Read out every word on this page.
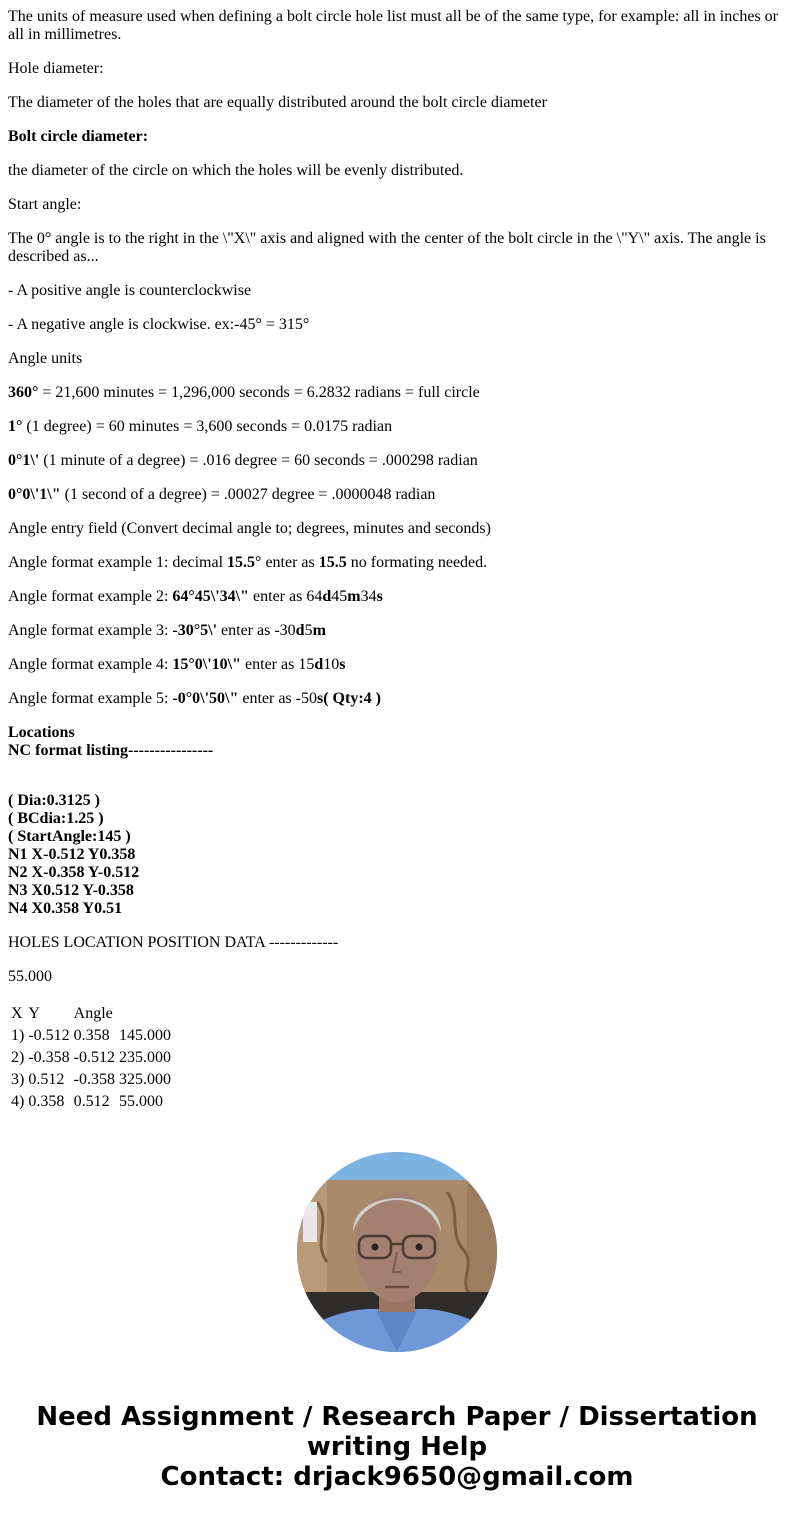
The units of measure used when defining a bolt circle hole list must all be of the same type, for example: all in inches or all in millimetres.

Hole diameter:

The diameter of the holes that are equally distributed around the bolt circle diameter

Bolt circle diameter:

the diameter of the circle on which the holes will be evenly distributed.

Start angle:

The 0° angle is to the right in the \"X\" axis and aligned with the center of the bolt circle in the \"Y\" axis. The angle is described as...

- A positive angle is counterclockwise

- A negative angle is clockwise. ex:-45° = 315°

Angle units

360° = 21,600 minutes = 1,296,000 seconds = 6.2832 radians = full circle

1° (1 degree) = 60 minutes = 3,600 seconds = 0.0175 radian

0°1\' (1 minute of a degree) = .016 degree = 60 seconds = .000298 radian

0°0\'1\" (1 second of a degree) = .00027 degree = .0000048 radian

Angle entry field (Convert decimal angle to; degrees, minutes and seconds)

Angle format example 1: decimal 15.5° enter as 15.5 no formating needed.

Angle format example 2: 64°45\'34\" enter as 64d45m34s

Angle format example 3: -30°5\' enter as -30d5m

Angle format example 4: 15°0\'10\" enter as 15d10s

Angle format example 5: -0°0\'50\" enter as -50s( Qty:4 )

Locations
NC format listing----------------
( Dia:0.3125 )
( BCdia:1.25 )
( StartAngle:145 )
N1 X-0.512 Y0.358
N2 X-0.358 Y-0.512
N3 X0.512 Y-0.358
N4 X0.358 Y0.51

HOLES LOCATION POSITION DATA -------------

55.000

X	Y	Angle	
1)	-0.512	0.358	145.000
2)	-0.358	-0.512	235.000
3)	0.512	-0.358	325.000
4)	0.358	0.512	55.000
Need Assignment / Research Paper / Dissertation
writing Help
Contact: drjack9650@gmail.com
